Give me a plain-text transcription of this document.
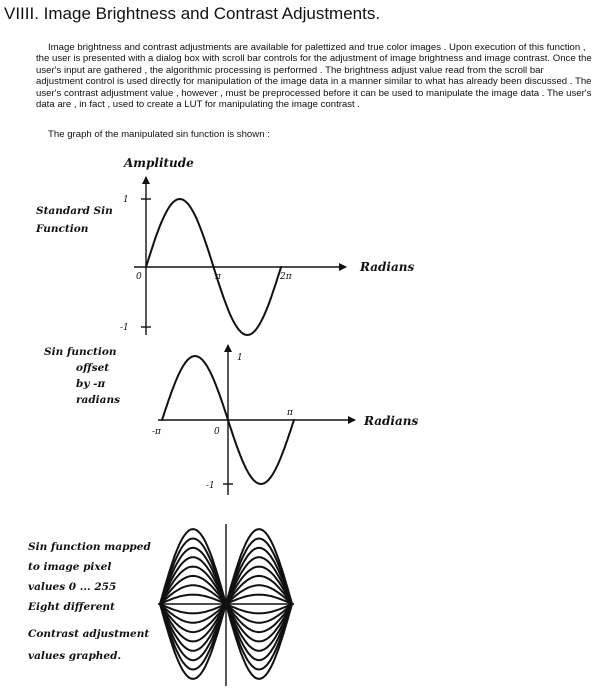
VIIII. Image Brightness and Contrast Adjustments.

Image brightness and contrast adjustments are available for palettized and true color images . Upon execution of this function , the user is presented with a dialog box with scroll bar controls for the adjustment of image brightness and image contrast. Once the user's input are gathered , the algorithmic processing is performed . The brightness adjust value read from the scroll bar adjustment control is used directly for manipulation of the image data in a manner similar to what has already been discussed . The user's contrast adjustment value , however , must be preprocessed before it can be used to manipulate the image data . The user's data are , in fact , used to create a LUT for manipulating the image contrast .

The graph of the manipulated sin function is shown :

Amplitude
1
-1
0	π	2π
Radians
Standard Sin
Function
1
-1
0
-π
π
Radians
Sin function
offset
by -π
radians
Sin function mapped
to image pixel
values 0 ... 255
Eight different
Contrast adjustment
values graphed.
